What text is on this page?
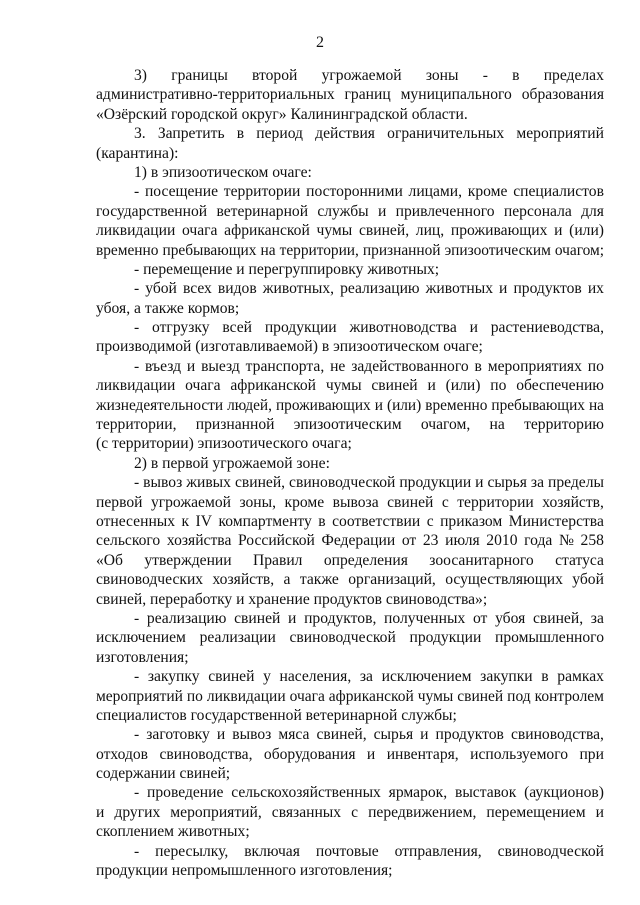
2
3) границы второй угрожаемой зоны - в пределах
административно-территориальных границ муниципального образования
«Озёрский городской округ» Калининградской области.
3. Запретить в период действия ограничительных мероприятий
(карантина):
1) в эпизоотическом очаге:
- посещение территории посторонними лицами, кроме специалистов
государственной ветеринарной службы и привлеченного персонала для
ликвидации очага африканской чумы свиней, лиц, проживающих и (или)
временно пребывающих на территории, признанной эпизоотическим очагом;
- перемещение и перегруппировку животных;
- убой всех видов животных, реализацию животных и продуктов их
убоя, а также кормов;
- отгрузку всей продукции животноводства и растениеводства,
производимой (изготавливаемой) в эпизоотическом очаге;
- въезд и выезд транспорта, не задействованного в мероприятиях по
ликвидации очага африканской чумы свиней и (или) по обеспечению
жизнедеятельности людей, проживающих и (или) временно пребывающих на
территории, признанной эпизоотическим очагом, на территорию
(с территории) эпизоотического очага;
2) в первой угрожаемой зоне:
- вывоз живых свиней, свиноводческой продукции и сырья за пределы
первой угрожаемой зоны, кроме вывоза свиней с территории хозяйств,
отнесенных к IV компартменту в соответствии с приказом Министерства
сельского хозяйства Российской Федерации от 23 июля 2010 года № 258
«Об утверждении Правил определения зоосанитарного статуса
свиноводческих хозяйств, а также организаций, осуществляющих убой
свиней, переработку и хранение продуктов свиноводства»;
- реализацию свиней и продуктов, полученных от убоя свиней, за
исключением реализации свиноводческой продукции промышленного
изготовления;
- закупку свиней у населения, за исключением закупки в рамках
мероприятий по ликвидации очага африканской чумы свиней под контролем
специалистов государственной ветеринарной службы;
- заготовку и вывоз мяса свиней, сырья и продуктов свиноводства,
отходов свиноводства, оборудования и инвентаря, используемого при
содержании свиней;
- проведение сельскохозяйственных ярмарок, выставок (аукционов)
и других мероприятий, связанных с передвижением, перемещением и
скоплением животных;
- пересылку, включая почтовые отправления, свиноводческой
продукции непромышленного изготовления;
